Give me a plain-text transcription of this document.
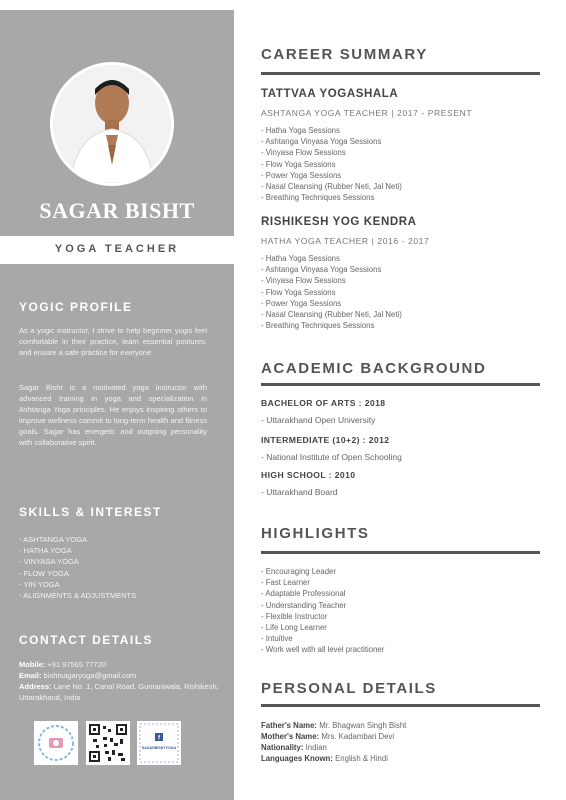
SAGAR BISHT
YOGA TEACHER
YOGIC PROFILE

As a yogic instructor, I strive to help beginner yogis feel comfortable in their practice, learn essential postures, and ensure a safe practice for everyone.

Sagar Bisht is a motivated yoga instructor with advanced training in yoga and specialization in Ashtanga Yoga principles. He enjoys inspiring others to improve wellness commit to long-term health and fitness goals. Sagar has energetic and outgoing personality with collaborative spirit.

SKILLS & INTEREST
- ASHTANGA YOGA
- HATHA YOGA
- VINYASA YOGA
- FLOW YOGA
- YIN YOGA
- ALIGNMENTS & ADJUSTMENTS
CONTACT DETAILS
Mobile: +91 97565 77720
Email: bishtsagaryoga@gmail.com
Address: Lane No. 1, Canal Road, Gumaniwala, Rishikesh, Uttarakhand, India
f
SAGARBISHTYOGA
CAREER SUMMARY
TATTVAA YOGASHALA
ASHTANGA YOGA TEACHER | 2017 - PRESENT
- Hatha Yoga Sessions
- Ashtanga Vinyasa Yoga Sessions
- Vinyasa Flow Sessions
- Flow Yoga Sessions
- Power Yoga Sessions
- Nasal Cleansing (Rubber Neti, Jal Neti)
- Breathing Techniques Sessions
RISHIKESH YOG KENDRA
HATHA YOGA TEACHER | 2016 - 2017
- Hatha Yoga Sessions
- Ashtanga Vinyasa Yoga Sessions
- Vinyasa Flow Sessions
- Flow Yoga Sessions
- Power Yoga Sessions
- Nasal Cleansing (Rubber Neti, Jal Neti)
- Breathing Techniques Sessions
ACADEMIC BACKGROUND
BACHELOR OF ARTS : 2018
- Uttarakhand Open University
INTERMEDIATE (10+2) : 2012
- National Institute of Open Schooling
HIGH SCHOOL : 2010
- Uttarakhand Board
HIGHLIGHTS
- Encouraging Leader
- Fast Learner
- Adaptable Professional
- Understanding Teacher
- Flexible Instructor
- Life Long Learner
- Intuitive
- Work well with all level practitioner
PERSONAL DETAILS
Father's Name: Mr. Bhagwan Singh Bisht
Mother's Name: Mrs. Kadambari Devi
Nationality: Indian
Languages Known: English & Hindi
